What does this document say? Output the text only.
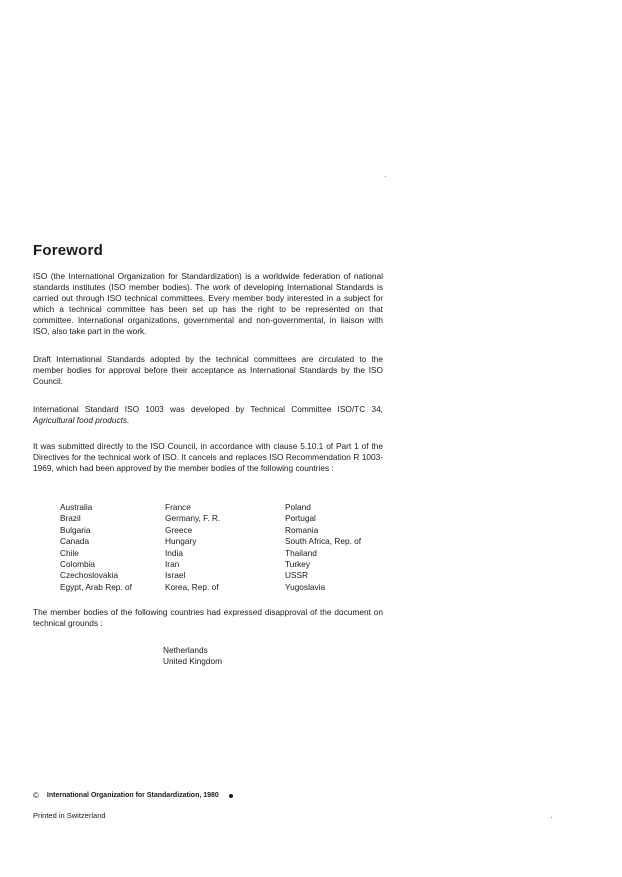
Foreword

ISO (the International Organization for Standardization) is a worldwide federation of national standards institutes (ISO member bodies). The work of developing International Standards is carried out through ISO technical committees. Every member body interested in a subject for which a technical committee has been set up has the right to be represented on that committee. International organizations, governmental and non-governmental, in liaison with ISO, also take part in the work.

Draft International Standards adopted by the technical committees are circulated to the member bodies for approval before their acceptance as International Standards by the ISO Council.

International Standard ISO 1003 was developed by Technical Committee ISO/TC 34, Agricultural food products.

It was submitted directly to the ISO Council, in accordance with clause 5.10.1 of Part 1 of the Directives for the technical work of ISO. It cancels and replaces ISO Recommendation R 1003-1969, which had been approved by the member bodies of the following countries :

Australia	France	Poland
Brazil	Germany, F. R.	Portugal
Bulgaria	Greece	Romania
Canada	Hungary	South Africa, Rep. of
Chile	India	Thailand
Colombia	Iran	Turkey
Czechoslovakia	Israel	USSR
Egypt, Arab Rep. of	Korea, Rep. of	Yugoslavia

The member bodies of the following countries had expressed disapproval of the document on technical grounds :

Netherlands
United Kingdom
© International Organization for Standardization, 1980
Printed in Switzerland
